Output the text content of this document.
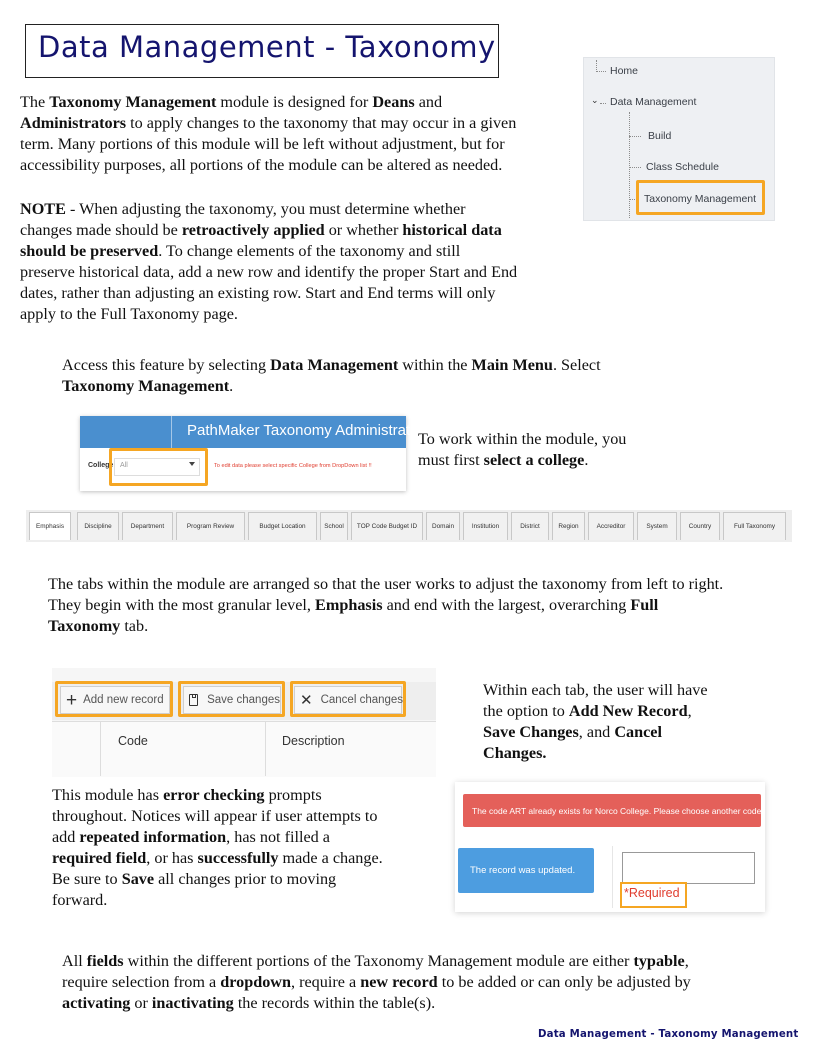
Data Management - Taxonomy
The Taxonomy Management module is designed for Deans and
Administrators to apply changes to the taxonomy that may occur in a given
term. Many portions of this module will be left without adjustment, but for
accessibility purposes, all portions of the module can be altered as needed.
NOTE - When adjusting the taxonomy, you must determine whether
changes made should be retroactively applied or whether historical data
should be preserved. To change elements of the taxonomy and still
preserve historical data, add a new row and identify the proper Start and End
dates, rather than adjusting an existing row. Start and End terms will only
apply to the Full Taxonomy page.
Home
⌄ Data Management
Build
Class Schedule
Taxonomy Management
Access this feature by selecting Data Management within the Main Menu. Select
Taxonomy Management.
PathMaker Taxonomy Administration
College All	To edit data please select specific College from DropDown list !!
To work within the module, you
must first select a college.
Emphasis	Discipline	Department	Program Review	Budget Location	School	TOP Code Budget ID	Domain	Institution	District	Region	Accreditor	System	Country	Full Taxonomy
The tabs within the module are arranged so that the user works to adjust the taxonomy from left to right.
They begin with the most granular level, Emphasis and end with the largest, overarching Full
Taxonomy tab.
+ Add new record	Save changes ✕ Cancel changes
Code	Description
Within each tab, the user will have
the option to Add New Record,
Save Changes, and Cancel
Changes.
This module has error checking prompts
throughout. Notices will appear if user attempts to
add repeated information, has not filled a
required field, or has successfully made a change.
Be sure to Save all changes prior to moving
forward.
The code ART already exists for Norco College. Please choose another code.
The record was updated.
*Required
All fields within the different portions of the Taxonomy Management module are either typable,
require selection from a dropdown, require a new record to be added or can only be adjusted by
activating or inactivating the records within the table(s).
Data Management - Taxonomy Management
